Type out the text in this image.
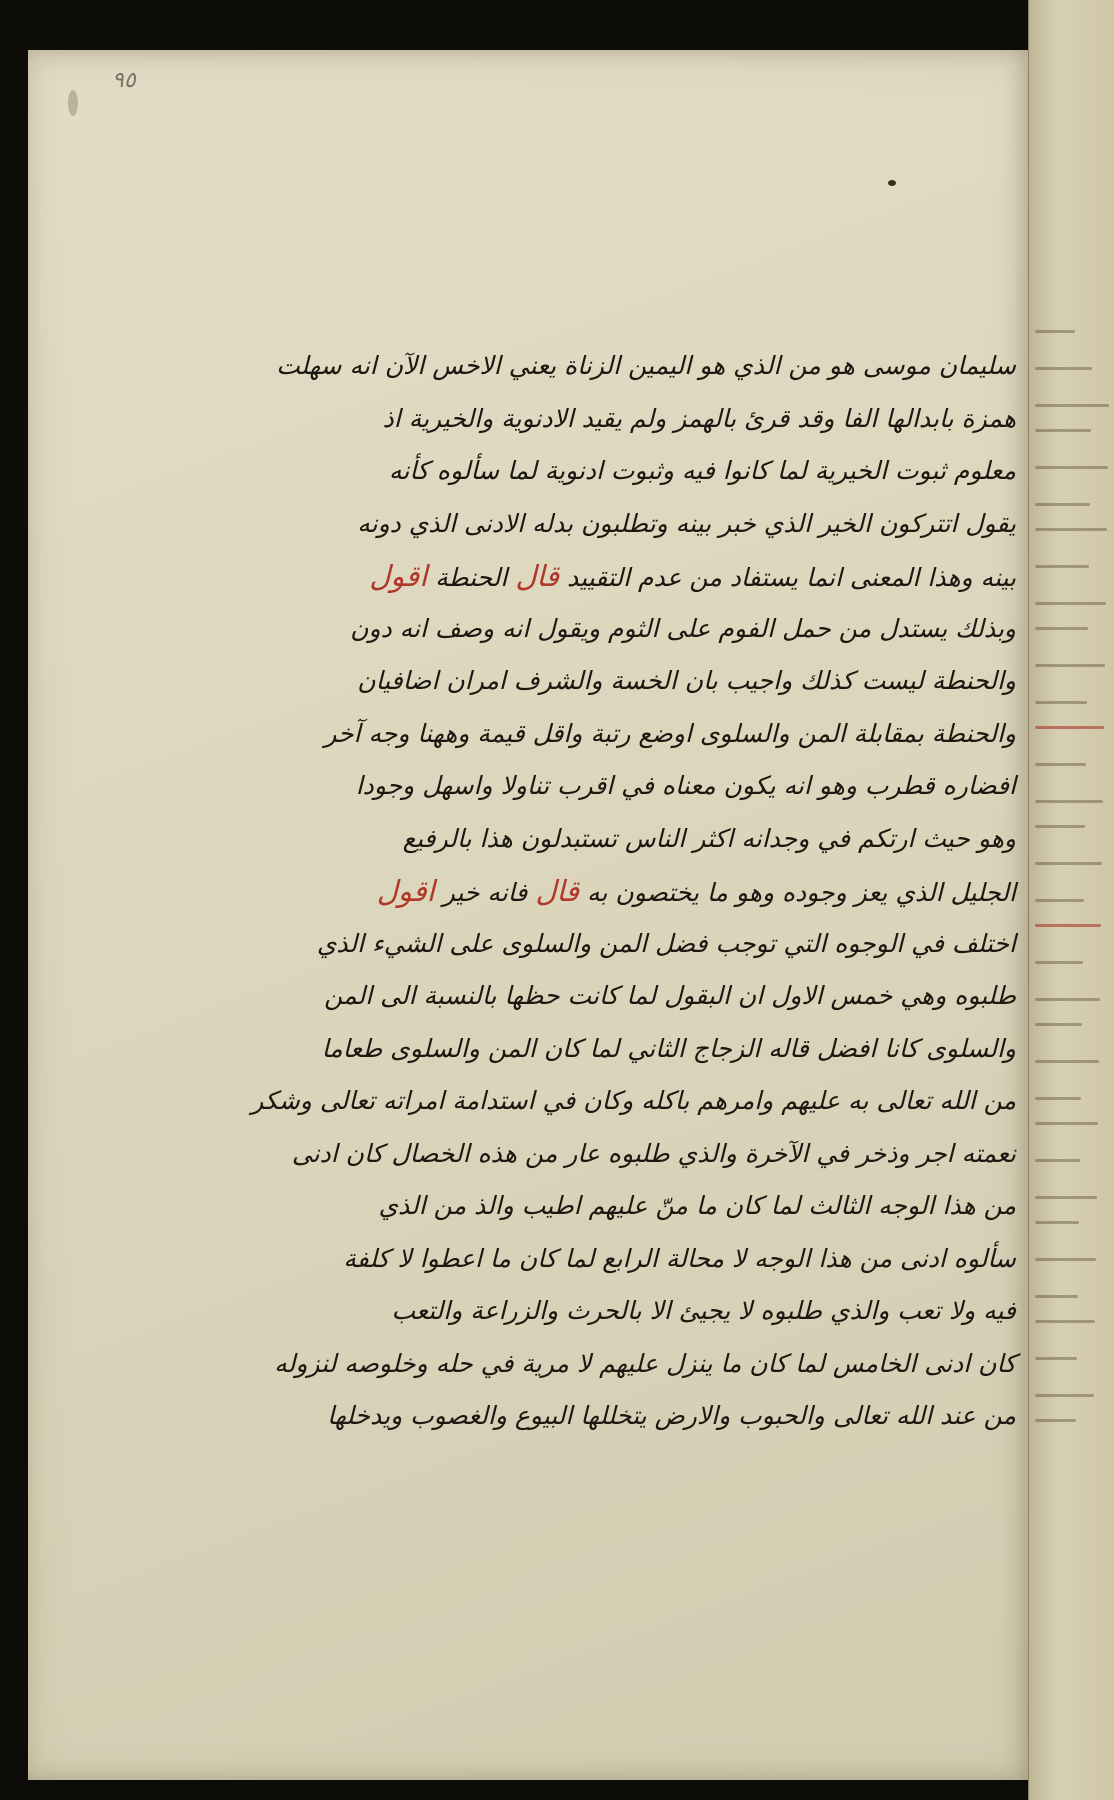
٩٥
سليمان موسى هو من الذي هو اليمين الزناة يعني الاخس الآن انه سهلت
همزة بابدالها الفا وقد قرئ بالهمز ولم يقيد الادنوية والخيرية اذ
معلوم ثبوت الخيرية لما كانوا فيه وثبوت ادنوية لما سألوه كأنه
يقول اتتركون الخير الذي خبر بينه وتطلبون بدله الادنى الذي دونه
بينه وهذا المعنى انما يستفاد من عدم التقييد قال الحنطة اقول
وبذلك يستدل من حمل الفوم على الثوم ويقول انه وصف انه دون
والحنطة ليست كذلك واجيب بان الخسة والشرف امران اضافيان
والحنطة بمقابلة المن والسلوى اوضع رتبة واقل قيمة وههنا وجه آخر
افضاره قطرب وهو انه يكون معناه في اقرب تناولا واسهل وجودا
وهو حيث ارتكم في وجدانه اكثر الناس تستبدلون هذا بالرفيع
الجليل الذي يعز وجوده وهو ما يختصون به قال فانه خير اقول
اختلف في الوجوه التي توجب فضل المن والسلوى على الشيء الذي
طلبوه وهي خمس الاول ان البقول لما كانت حظها بالنسبة الى المن
والسلوى كانا افضل قاله الزجاج الثاني لما كان المن والسلوى طعاما
من الله تعالى به عليهم وامرهم باكله وكان في استدامة امراته تعالى وشكر
نعمته اجر وذخر في الآخرة والذي طلبوه عار من هذه الخصال كان ادنى
من هذا الوجه الثالث لما كان ما منّ عليهم اطيب والذ من الذي
سألوه ادنى من هذا الوجه لا محالة الرابع لما كان ما اعطوا لا كلفة
فيه ولا تعب والذي طلبوه لا يجيئ الا بالحرث والزراعة والتعب
كان ادنى الخامس لما كان ما ينزل عليهم لا مرية في حله وخلوصه لنزوله
من عند الله تعالى والحبوب والارض يتخللها البيوع والغصوب ويدخلها
